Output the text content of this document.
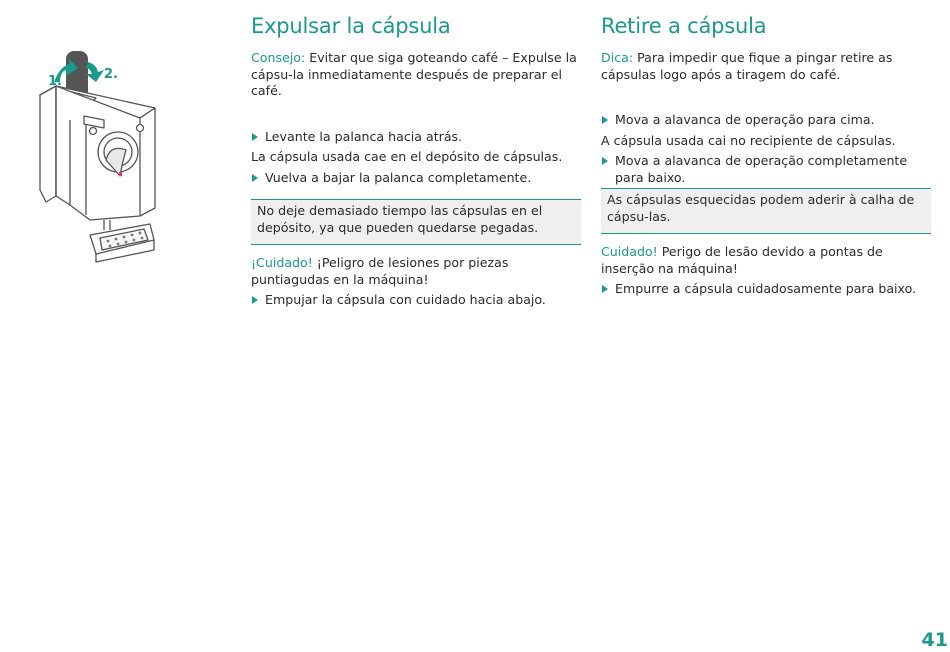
1.	2.
Expulsar la cápsula

Consejo: Evitar que siga goteando café – Expulse la cápsu-la inmediatamente después de preparar el café.

Levante la palanca hacia atrás.

La cápsula usada cae en el depósito de cápsulas.

Vuelva a bajar la palanca completamente.

No deje demasiado tiempo las cápsulas en el depósito, ya que pueden quedarse pegadas.

¡Cuidado! ¡Peligro de lesiones por piezas puntiagudas en la máquina!

Empujar la cápsula con cuidado hacia abajo.

Retire a cápsula

Dica: Para impedir que fique a pingar retire as cápsulas logo após a tiragem do café.

Mova a alavanca de operação para cima.

A cápsula usada cai no recipiente de cápsulas.

Mova a alavanca de operação completamente para baixo.

As cápsulas esquecidas podem aderir à calha de cápsu-las.

Cuidado! Perigo de lesão devido a pontas de inserção na máquina!

Empurre a cápsula cuidadosamente para baixo.

41
